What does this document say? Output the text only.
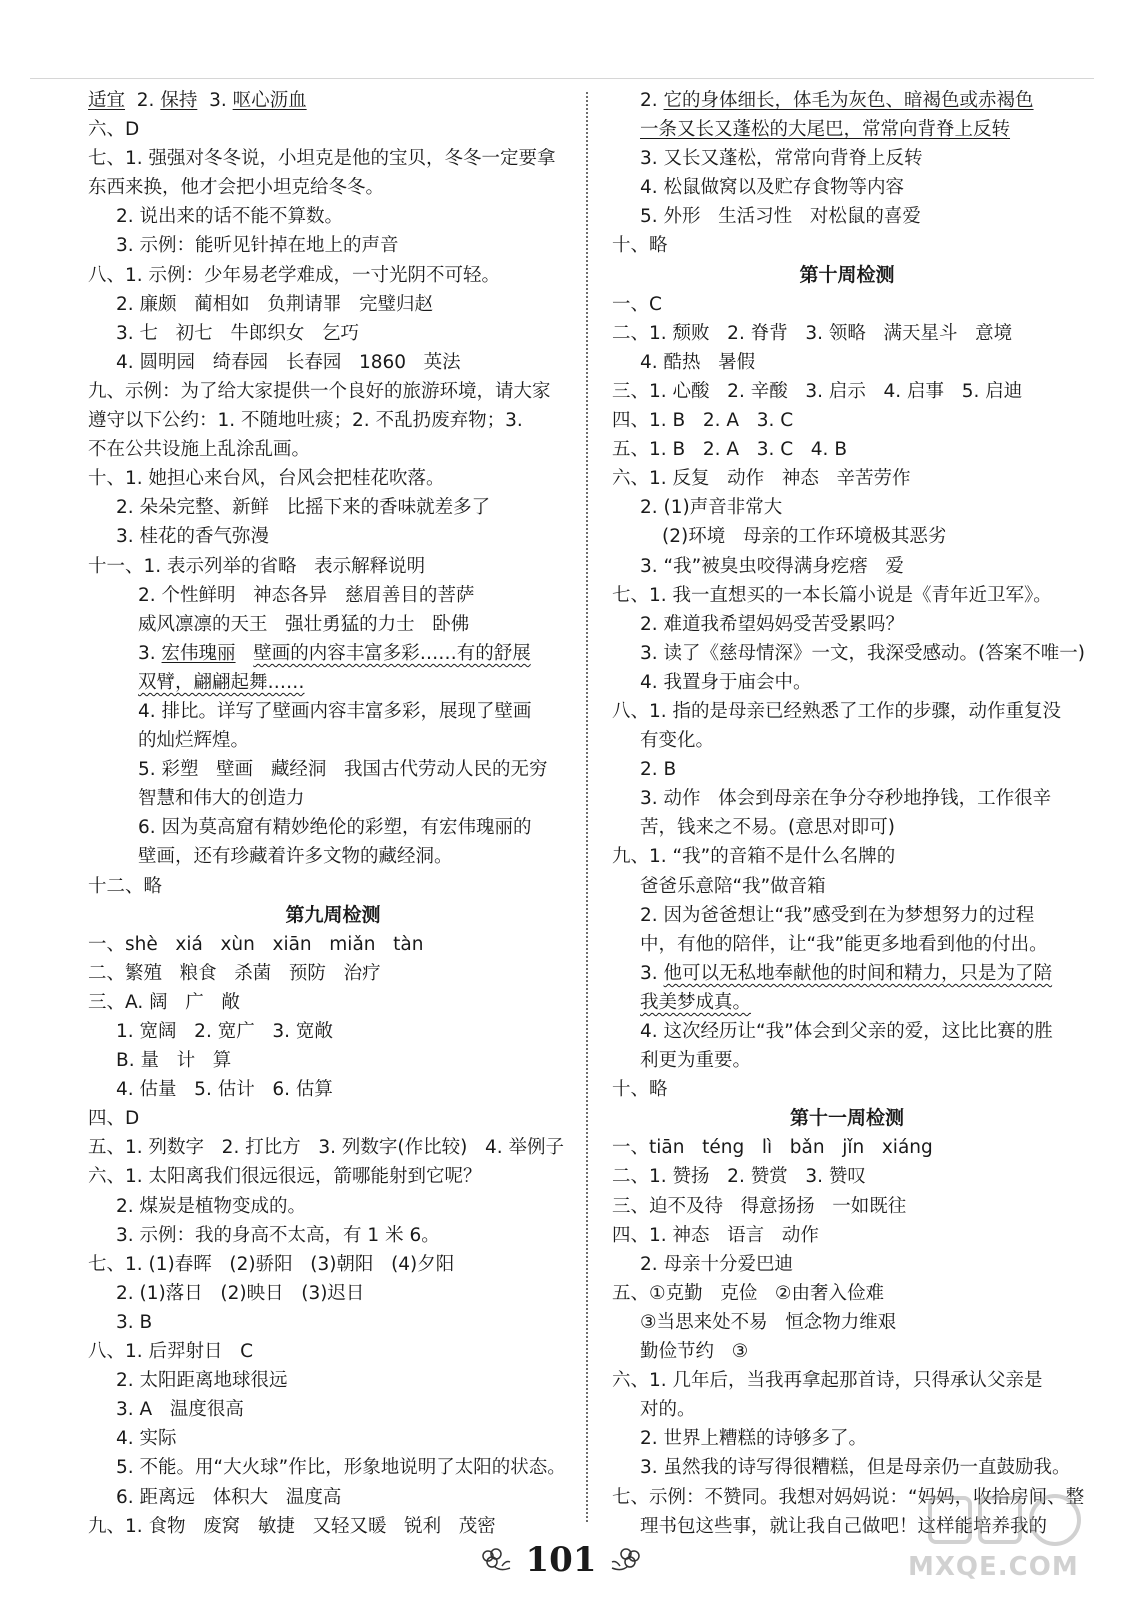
适宜  2. 保持  3. 呕心沥血
六、D
七、1. 强强对冬冬说，小坦克是他的宝贝，冬冬一定要拿
东西来换，他才会把小坦克给冬冬。
2. 说出来的话不能不算数。
3. 示例：能听见针掉在地上的声音
八、1. 示例：少年易老学难成，一寸光阴不可轻。
2. 廉颇   蔺相如   负荆请罪   完璧归赵
3. 七   初七   牛郎织女   乞巧
4. 圆明园   绮春园   长春园   1860   英法
九、示例：为了给大家提供一个良好的旅游环境，请大家
遵守以下公约：1. 不随地吐痰；2. 不乱扔废弃物；3.
不在公共设施上乱涂乱画。
十、1. 她担心来台风，台风会把桂花吹落。
2. 朵朵完整、新鲜   比摇下来的香味就差多了
3. 桂花的香气弥漫
十一、1. 表示列举的省略   表示解释说明
2. 个性鲜明   神态各异   慈眉善目的菩萨
威风凛凛的天王   强壮勇猛的力士   卧佛
3. 宏伟瑰丽 壁画的内容丰富多彩……有的舒展
双臂，翩翩起舞……
4. 排比。详写了壁画内容丰富多彩，展现了壁画
的灿烂辉煌。
5. 彩塑   壁画   藏经洞   我国古代劳动人民的无穷
智慧和伟大的创造力
6. 因为莫高窟有精妙绝伦的彩塑，有宏伟瑰丽的
壁画，还有珍藏着许多文物的藏经洞。
十二、略
第九周检测
一、shè   xiá   xùn   xiān   miǎn   tàn
二、繁殖   粮食   杀菌   预防   治疗
三、A. 阔   广   敞
1. 宽阔   2. 宽广   3. 宽敞
B. 量   计   算
4. 估量   5. 估计   6. 估算
四、D
五、1. 列数字   2. 打比方   3. 列数字(作比较)   4. 举例子
六、1. 太阳离我们很远很远，箭哪能射到它呢？
2. 煤炭是植物变成的。
3. 示例：我的身高不太高，有 1 米 6。
七、1. (1)春晖   (2)骄阳   (3)朝阳   (4)夕阳
2. (1)落日   (2)映日   (3)迟日
3. B
八、1. 后羿射日   C
2. 太阳距离地球很远
3. A   温度很高
4. 实际
5. 不能。用“大火球”作比，形象地说明了太阳的状态。
6. 距离远   体积大   温度高
九、1. 食物   废窝   敏捷   又轻又暖   锐利   茂密
2. 它的身体细长，体毛为灰色、暗褐色或赤褐色
一条又长又蓬松的大尾巴，常常向背脊上反转
3. 又长又蓬松，常常向背脊上反转
4. 松鼠做窝以及贮存食物等内容
5. 外形   生活习性   对松鼠的喜爱
十、略
第十周检测
一、C
二、1. 颓败   2. 脊背   3. 领略   满天星斗   意境
4. 酷热   暑假
三、1. 心酸   2. 辛酸   3. 启示   4. 启事   5. 启迪
四、1. B   2. A   3. C
五、1. B   2. A   3. C   4. B
六、1. 反复   动作   神态   辛苦劳作
2. (1)声音非常大
(2)环境   母亲的工作环境极其恶劣
3. “我”被臭虫咬得满身疙瘩   爱
七、1. 我一直想买的一本长篇小说是《青年近卫军》。
2. 难道我希望妈妈受苦受累吗？
3. 读了《慈母情深》一文，我深受感动。(答案不唯一)
4. 我置身于庙会中。
八、1. 指的是母亲已经熟悉了工作的步骤，动作重复没
有变化。
2. B
3. 动作   体会到母亲在争分夺秒地挣钱，工作很辛
苦，钱来之不易。(意思对即可)
九、1. “我”的音箱不是什么名牌的
爸爸乐意陪“我”做音箱
2. 因为爸爸想让“我”感受到在为梦想努力的过程
中，有他的陪伴，让“我”能更多地看到他的付出。
3. 他可以无私地奉献他的时间和精力，只是为了陪
我美梦成真。
4. 这次经历让“我”体会到父亲的爱，这比比赛的胜
利更为重要。
十、略
第十一周检测
一、tiān   téng   lì   bǎn   jǐn   xiáng
二、1. 赞扬   2. 赞赏   3. 赞叹
三、迫不及待   得意扬扬   一如既往
四、1. 神态   语言   动作
2. 母亲十分爱巴迪
五、①克勤   克俭   ②由奢入俭难
③当思来处不易   恒念物力维艰
勤俭节约   ③
六、1. 几年后，当我再拿起那首诗，只得承认父亲是
对的。
2. 世界上糟糕的诗够多了。
3. 虽然我的诗写得很糟糕，但是母亲仍一直鼓励我。
七、示例：不赞同。我想对妈妈说：“妈妈，收拾房间、整
理书包这些事，就让我自己做吧！这样能培养我的
101	MXQE.COM
